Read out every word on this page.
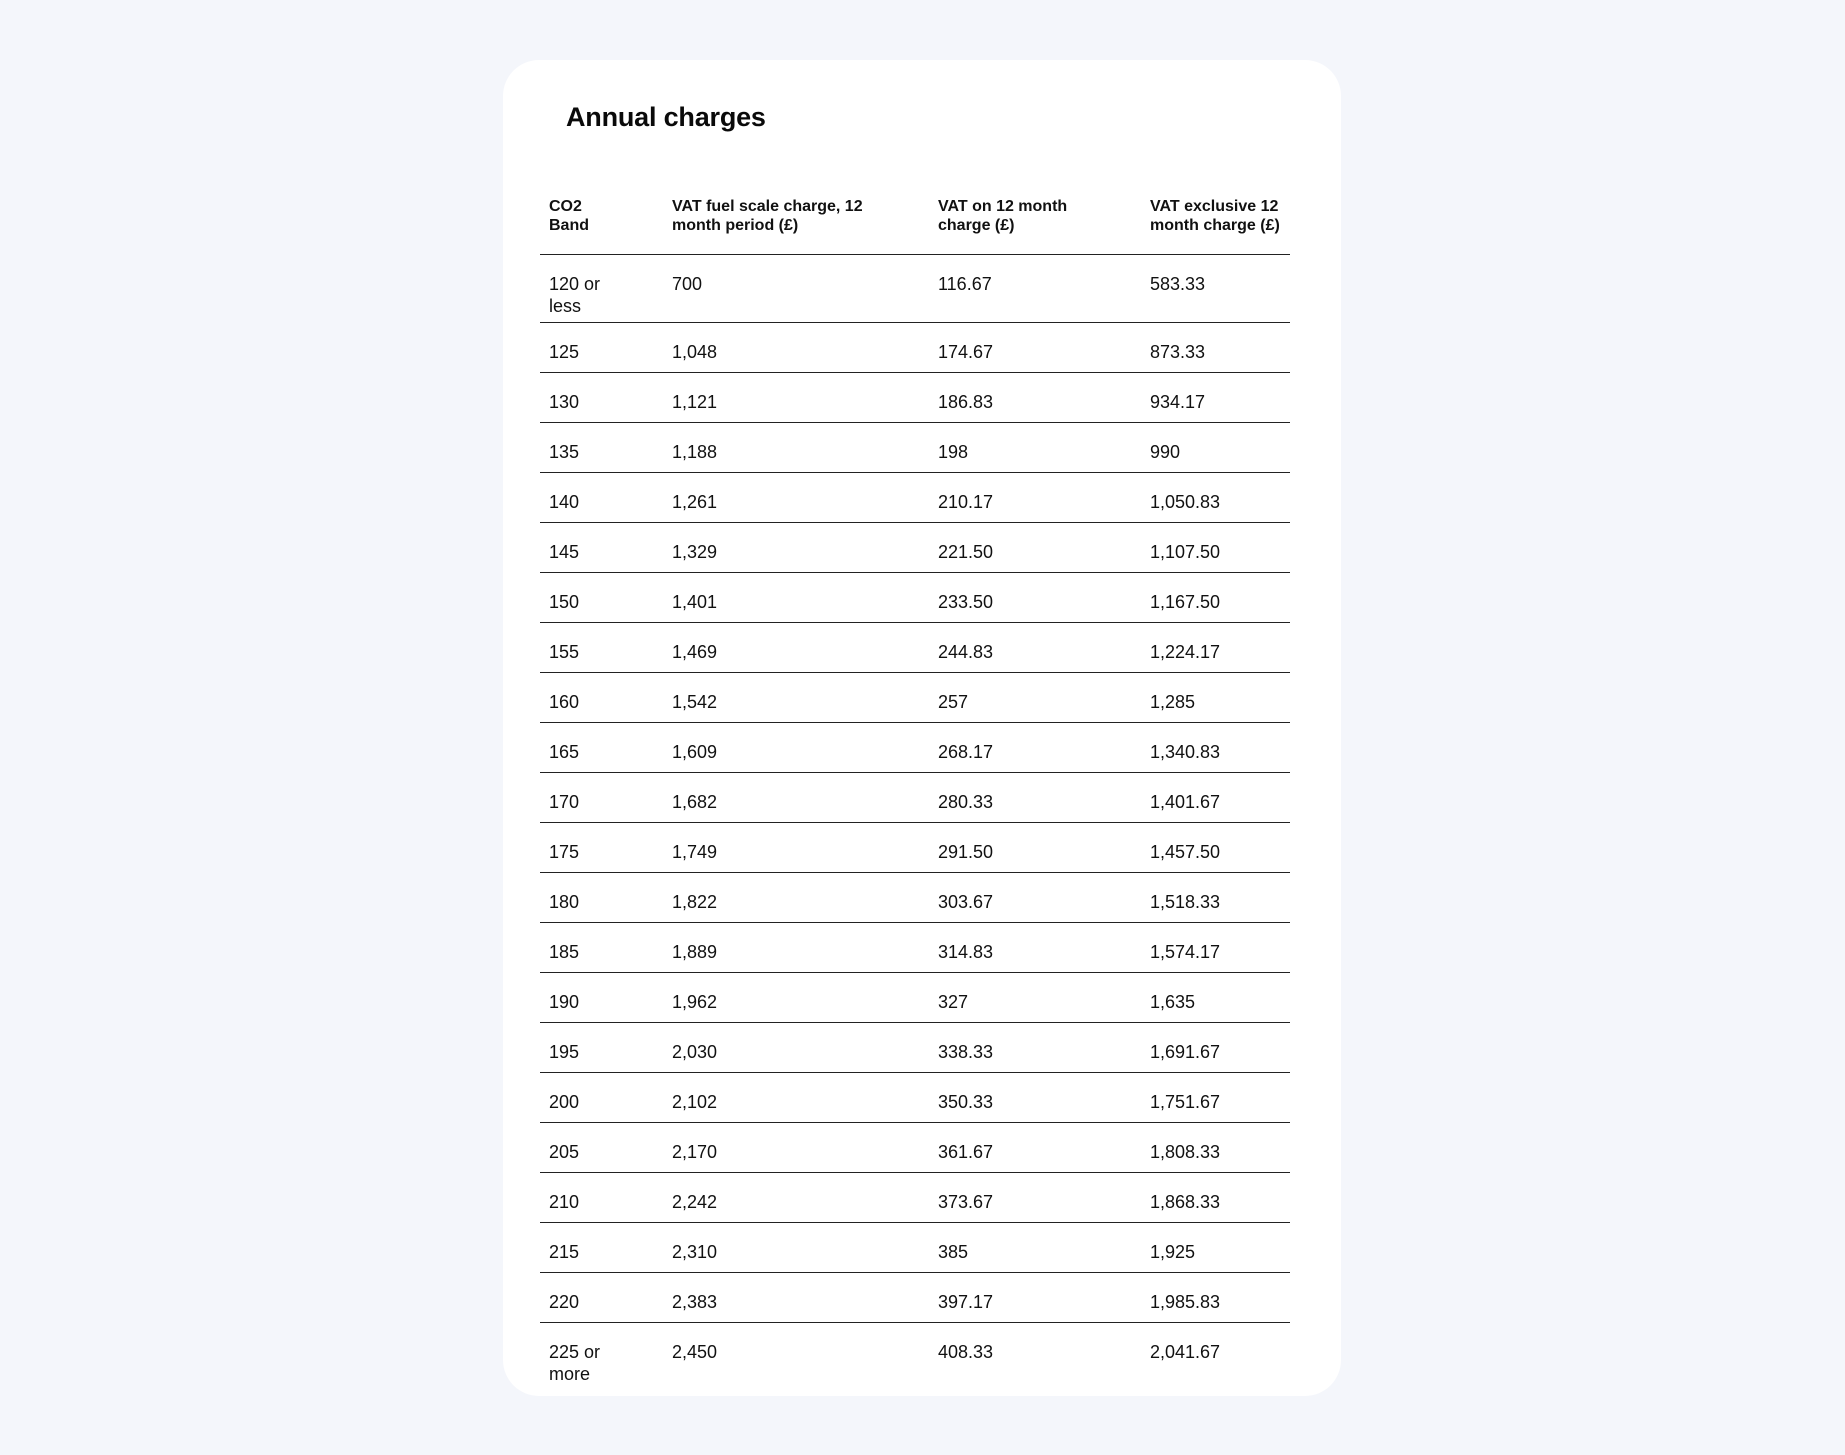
Annual charges
CO2 Band	VAT fuel scale charge, 12 month period (£)	VAT on 12 month charge (£)	VAT exclusive 12 month charge (£)
120 or less	700	116.67	583.33
125	1,048	174.67	873.33
130	1,121	186.83	934.17
135	1,188	198	990
140	1,261	210.17	1,050.83
145	1,329	221.50	1,107.50
150	1,401	233.50	1,167.50
155	1,469	244.83	1,224.17
160	1,542	257	1,285
165	1,609	268.17	1,340.83
170	1,682	280.33	1,401.67
175	1,749	291.50	1,457.50
180	1,822	303.67	1,518.33
185	1,889	314.83	1,574.17
190	1,962	327	1,635
195	2,030	338.33	1,691.67
200	2,102	350.33	1,751.67
205	2,170	361.67	1,808.33
210	2,242	373.67	1,868.33
215	2,310	385	1,925
220	2,383	397.17	1,985.83
225 or more	2,450	408.33	2,041.67
